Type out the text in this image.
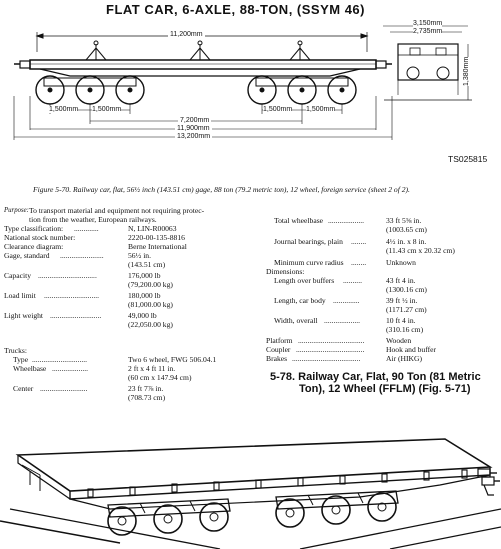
FLAT CAR, 6-AXLE, 88-TON, (SSYM 46)
11,200mm
1,500mm 1,500mm	1,500mm 1,500mm
7,200mm
11,900mm
13,200mm
3,150mm
2,735mm
1,380mm
TS025815
Figure 5-70. Railway car, flat, 56½ inch (143.51 cm) gage, 88 ton (79.2 metric ton), 12 wheel, foreign service (sheet 2 of 2).
Purpose: To transport material and equipment not requiring protec-
tion from the weather, European railways.
Type classification: .............	N, LIN-R00063
National stock number:	2220-00-135-8816
Clearance diagram:	Berne International
Gage, standard .......................	56½ in.
(143.51 cm)
Capacity ...............................	176,000 lb
(79,200.00 kg)
Load limit .............................	180,000 lb
(81,000.00 kg)
Light weight ...........................	49,000 lb
(22,050.00 kg)
Trucks:
Type .............................	Two 6 wheel, FWG 506.04.1
Wheelbase ...................	2 ft x 4 ft 11 in.
(60 cm x 147.94 cm)
Center .........................	23 ft 7⅞ in.
(708.73 cm)
Total wheelbase ...................	33 ft 5⅝ in.
(1003.65 cm)
Journal bearings, plain ........	4½ in. x 8 in.
(11.43 cm x 20.32 cm)
Minimum curve radius ........	Unknown
Dimensions:
Length over buffers ..........	43 ft 4 in.
(1300.16 cm)
Length, car body ..............	39 ft ½ in.
(1171.27 cm)
Width, overall ...................	10 ft 4 in.
(310.16 cm)
Platform ...................................	Wooden
Coupler ....................................	Hook and buffer
Brakes ....................................	Air (HIKG)
5-78. Railway Car, Flat, 90 Ton (81 Metric
Ton), 12 Wheel (FFLM) (Fig. 5-71)
